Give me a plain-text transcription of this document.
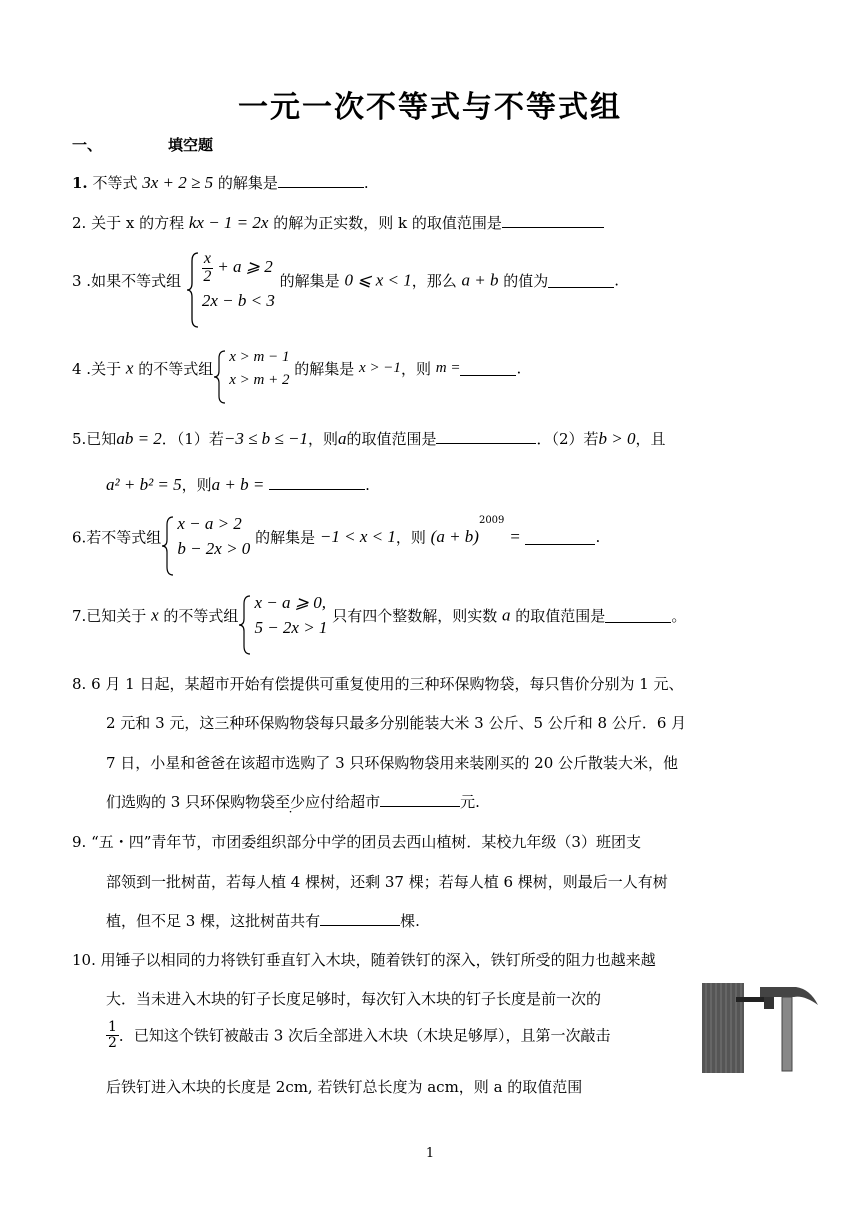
一元一次不等式与不等式组
一、	填空题
1. 不等式 3x + 2 ≥ 5 的解集是	.
2. 关于 x 的方程 kx − 1 = 2x 的解为正实数，则 k 的取值范围是
3 .如果不等式组 $\frac{x}{2} + a$ ⩾ 2
2x − b < 3
的解集是 0 ⩽ x < 1，那么 a + b 的值为	.
4 .关于 x 的不等式组
x > m − 1
x > m + 2
的解集是 x > −1，则 m =	.
5.已知ab = 2．（1）若−3 ≤ b ≤ −1，则a的取值范围是	．（2）若b > 0，且
a² + b² = 5，则a + b =	.
6.若不等式组
x − a > 2
b − 2x > 0
的解集是 −1 < x < 1，则 $(a + b)^{2009}$ =	.
7.已知关于 x 的不等式组
x − a ⩾ 0,
5 − 2x > 1
只有四个整数解，则实数 a 的取值范围是	。
8. 6 月 1 日起，某超市开始有偿提供可重复使用的三种环保购物袋，每只售价分别为 1 元、
2 元和 3 元，这三种环保购物袋每只最多分别能装大米 3 公斤、5 公斤和 8 公斤．6 月
7 日，小星和爸爸在该超市选购了 3 只环保购物袋用来装刚买的 20 公斤散装大米，他
们选购的 3 只环保购物袋至少应付给超市	元.
9. “五・四”青年节，市团委组织部分中学的团员去西山植树．某校九年级（3）班团支
部领到一批树苗，若每人植 4 棵树，还剩 37 棵；若每人植 6 棵树，则最后一人有树
植，但不足 3 棵，这批树苗共有	棵.
10. 用锤子以相同的力将铁钉垂直钉入木块，随着铁钉的深入，铁钉所受的阻力也越来越
大．当未进入木块的钉子长度足够时，每次钉入木块的钉子长度是前一次的
$\frac{1}{2}$ ．已知这个铁钉被敲击 3 次后全部进入木块（木块足够厚），且第一次敲击
后铁钉进入木块的长度是 2cm, 若铁钉总长度为 acm，则 a 的取值范围
1
